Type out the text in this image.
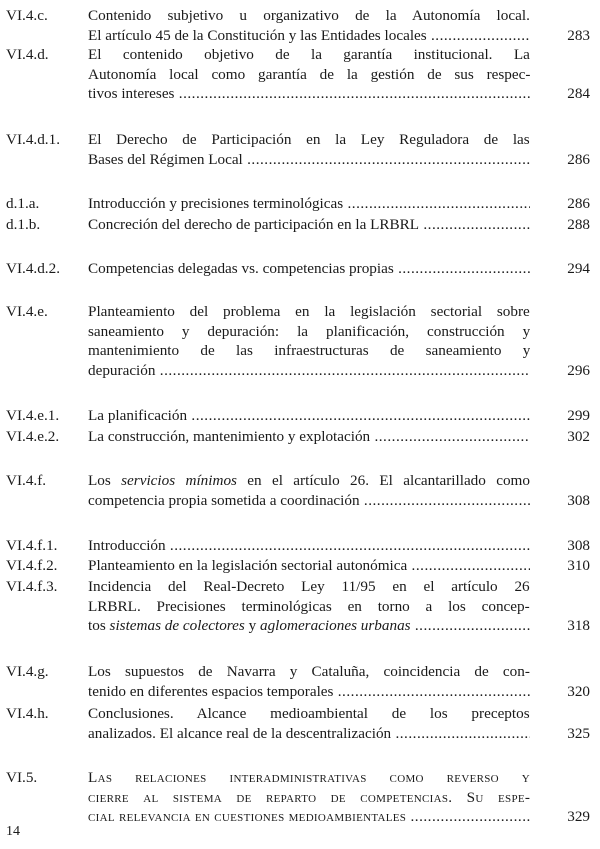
VI.4.c.	Contenido subjetivo u organizativo de la Autonomía local.
El artículo 45 de la Constitución y las Entidades locales .....	283
VI.4.d.	El contenido objetivo de la garantía institucional. La
Autonomía local como garantía de la gestión de sus respec-
tivos intereses .....	284
VI.4.d.1.	El Derecho de Participación en la Ley Reguladora de las
Bases del Régimen Local .....	286
d.1.a.	Introducción y precisiones terminológicas .....	286
d.1.b.	Concreción del derecho de participación en la LRBRL .....	288
VI.4.d.2.	Competencias delegadas vs. competencias propias .....	294
VI.4.e.	Planteamiento del problema en la legislación sectorial sobre
saneamiento y depuración: la planificación, construcción y
mantenimiento de las infraestructuras de saneamiento y
depuración .....	296
VI.4.e.1.	La planificación .....	299
VI.4.e.2.	La construcción, mantenimiento y explotación .....	302
VI.4.f.	Los servicios mínimos en el artículo 26. El alcantarillado como
competencia propia sometida a coordinación .....	308
VI.4.f.1.	Introducción .....	308
VI.4.f.2.	Planteamiento en la legislación sectorial autonómica .....	310
VI.4.f.3.	Incidencia del Real-Decreto Ley 11/95 en el artículo 26
LRBRL. Precisiones terminológicas en torno a los concep-
tos sistemas de colectores y aglomeraciones urbanas .....	318
VI.4.g.	Los supuestos de Navarra y Cataluña, coincidencia de con-
tenido en diferentes espacios temporales .....	320
VI.4.h.	Conclusiones. Alcance medioambiental de los preceptos
analizados. El alcance real de la descentralización .....	325
VI.5.	Las relaciones interadministrativas como reverso y
cierre al sistema de reparto de competencias. Su espe-
cial relevancia en cuestiones medioambientales .....	329
14
